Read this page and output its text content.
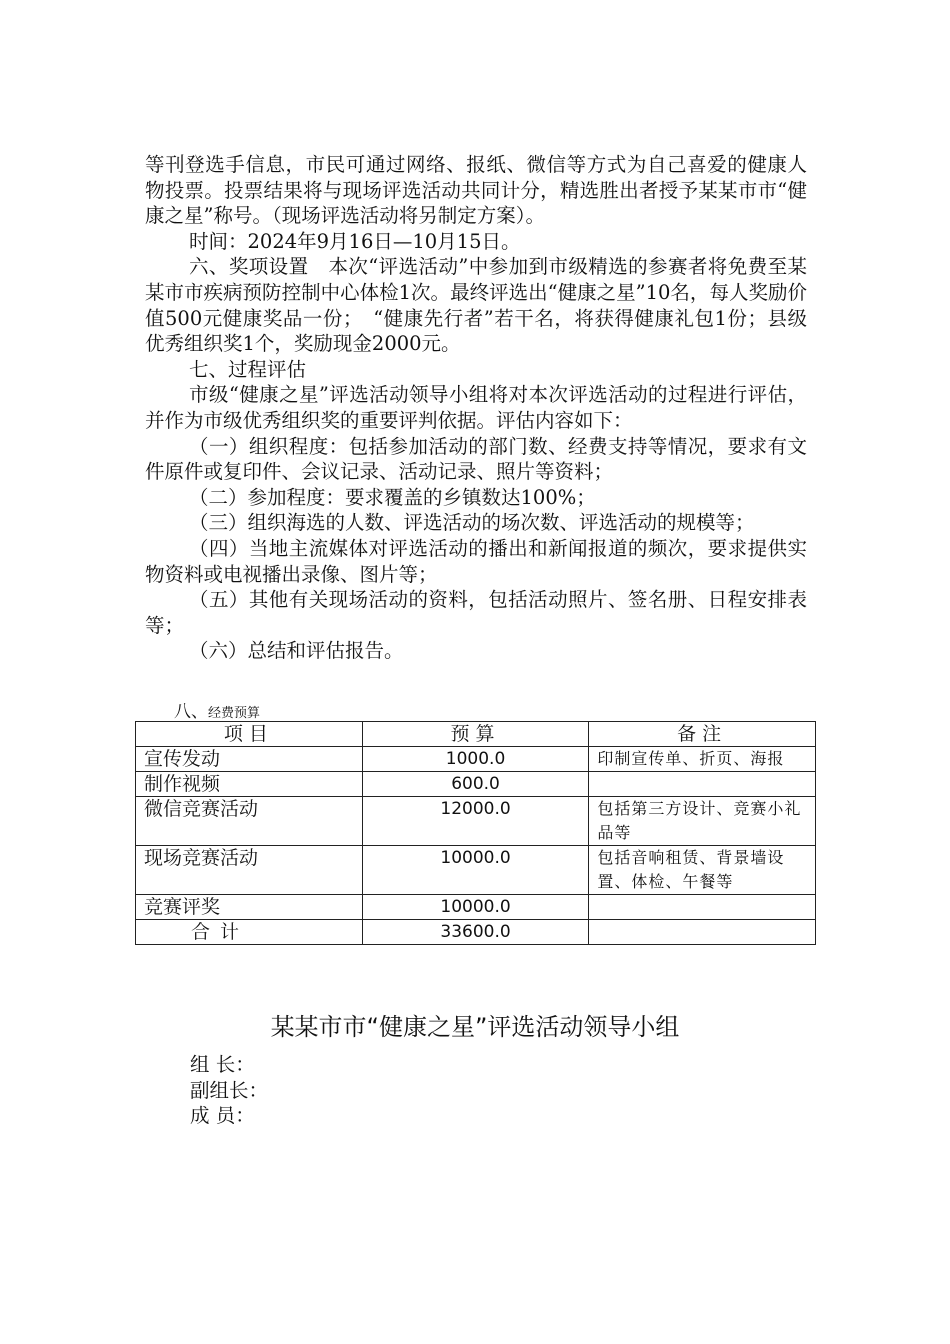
等刊登选手信息，市民可通过网络、报纸、微信等方式为自己喜爱的健康人物投票。投票结果将与现场评选活动共同计分，精选胜出者授予某某市市“健康之星”称号。（现场评选活动将另制定方案）。

时间：2024年9月16日—10月15日。

六、奖项设置　本次“评选活动”中参加到市级精选的参赛者将免费至某某市市疾病预防控制中心体检1次。最终评选出“健康之星”10名，每人奖励价值500元健康奖品一份；　“健康先行者”若干名，将获得健康礼包1份；县级优秀组织奖1个，奖励现金2000元。

七、过程评估

市级“健康之星”评选活动领导小组将对本次评选活动的过程进行评估，并作为市级优秀组织奖的重要评判依据。评估内容如下：

（一）组织程度：包括参加活动的部门数、经费支持等情况，要求有文件原件或复印件、会议记录、活动记录、照片等资料；

（二）参加程度：要求覆盖的乡镇数达100%；

（三）组织海选的人数、评选活动的场次数、评选活动的规模等；

（四）当地主流媒体对评选活动的播出和新闻报道的频次，要求提供实物资料或电视播出录像、图片等；

（五）其他有关现场活动的资料，包括活动照片、签名册、日程安排表等；

（六）总结和评估报告。

八、经费预算
项目	预算	备注
宣传发动	1000.0	印制宣传单、折页、海报
制作视频	600.0	
微信竞赛活动	12000.0	包括第三方设计、竞赛小礼品等
现场竞赛活动	10000.0	包括音响租赁、背景墙设置、体检、午餐等
竞赛评奖	10000.0	
合计	33600.0	
某某市市“健康之星”评选活动领导小组
组 长：
副组长：
成 员：
